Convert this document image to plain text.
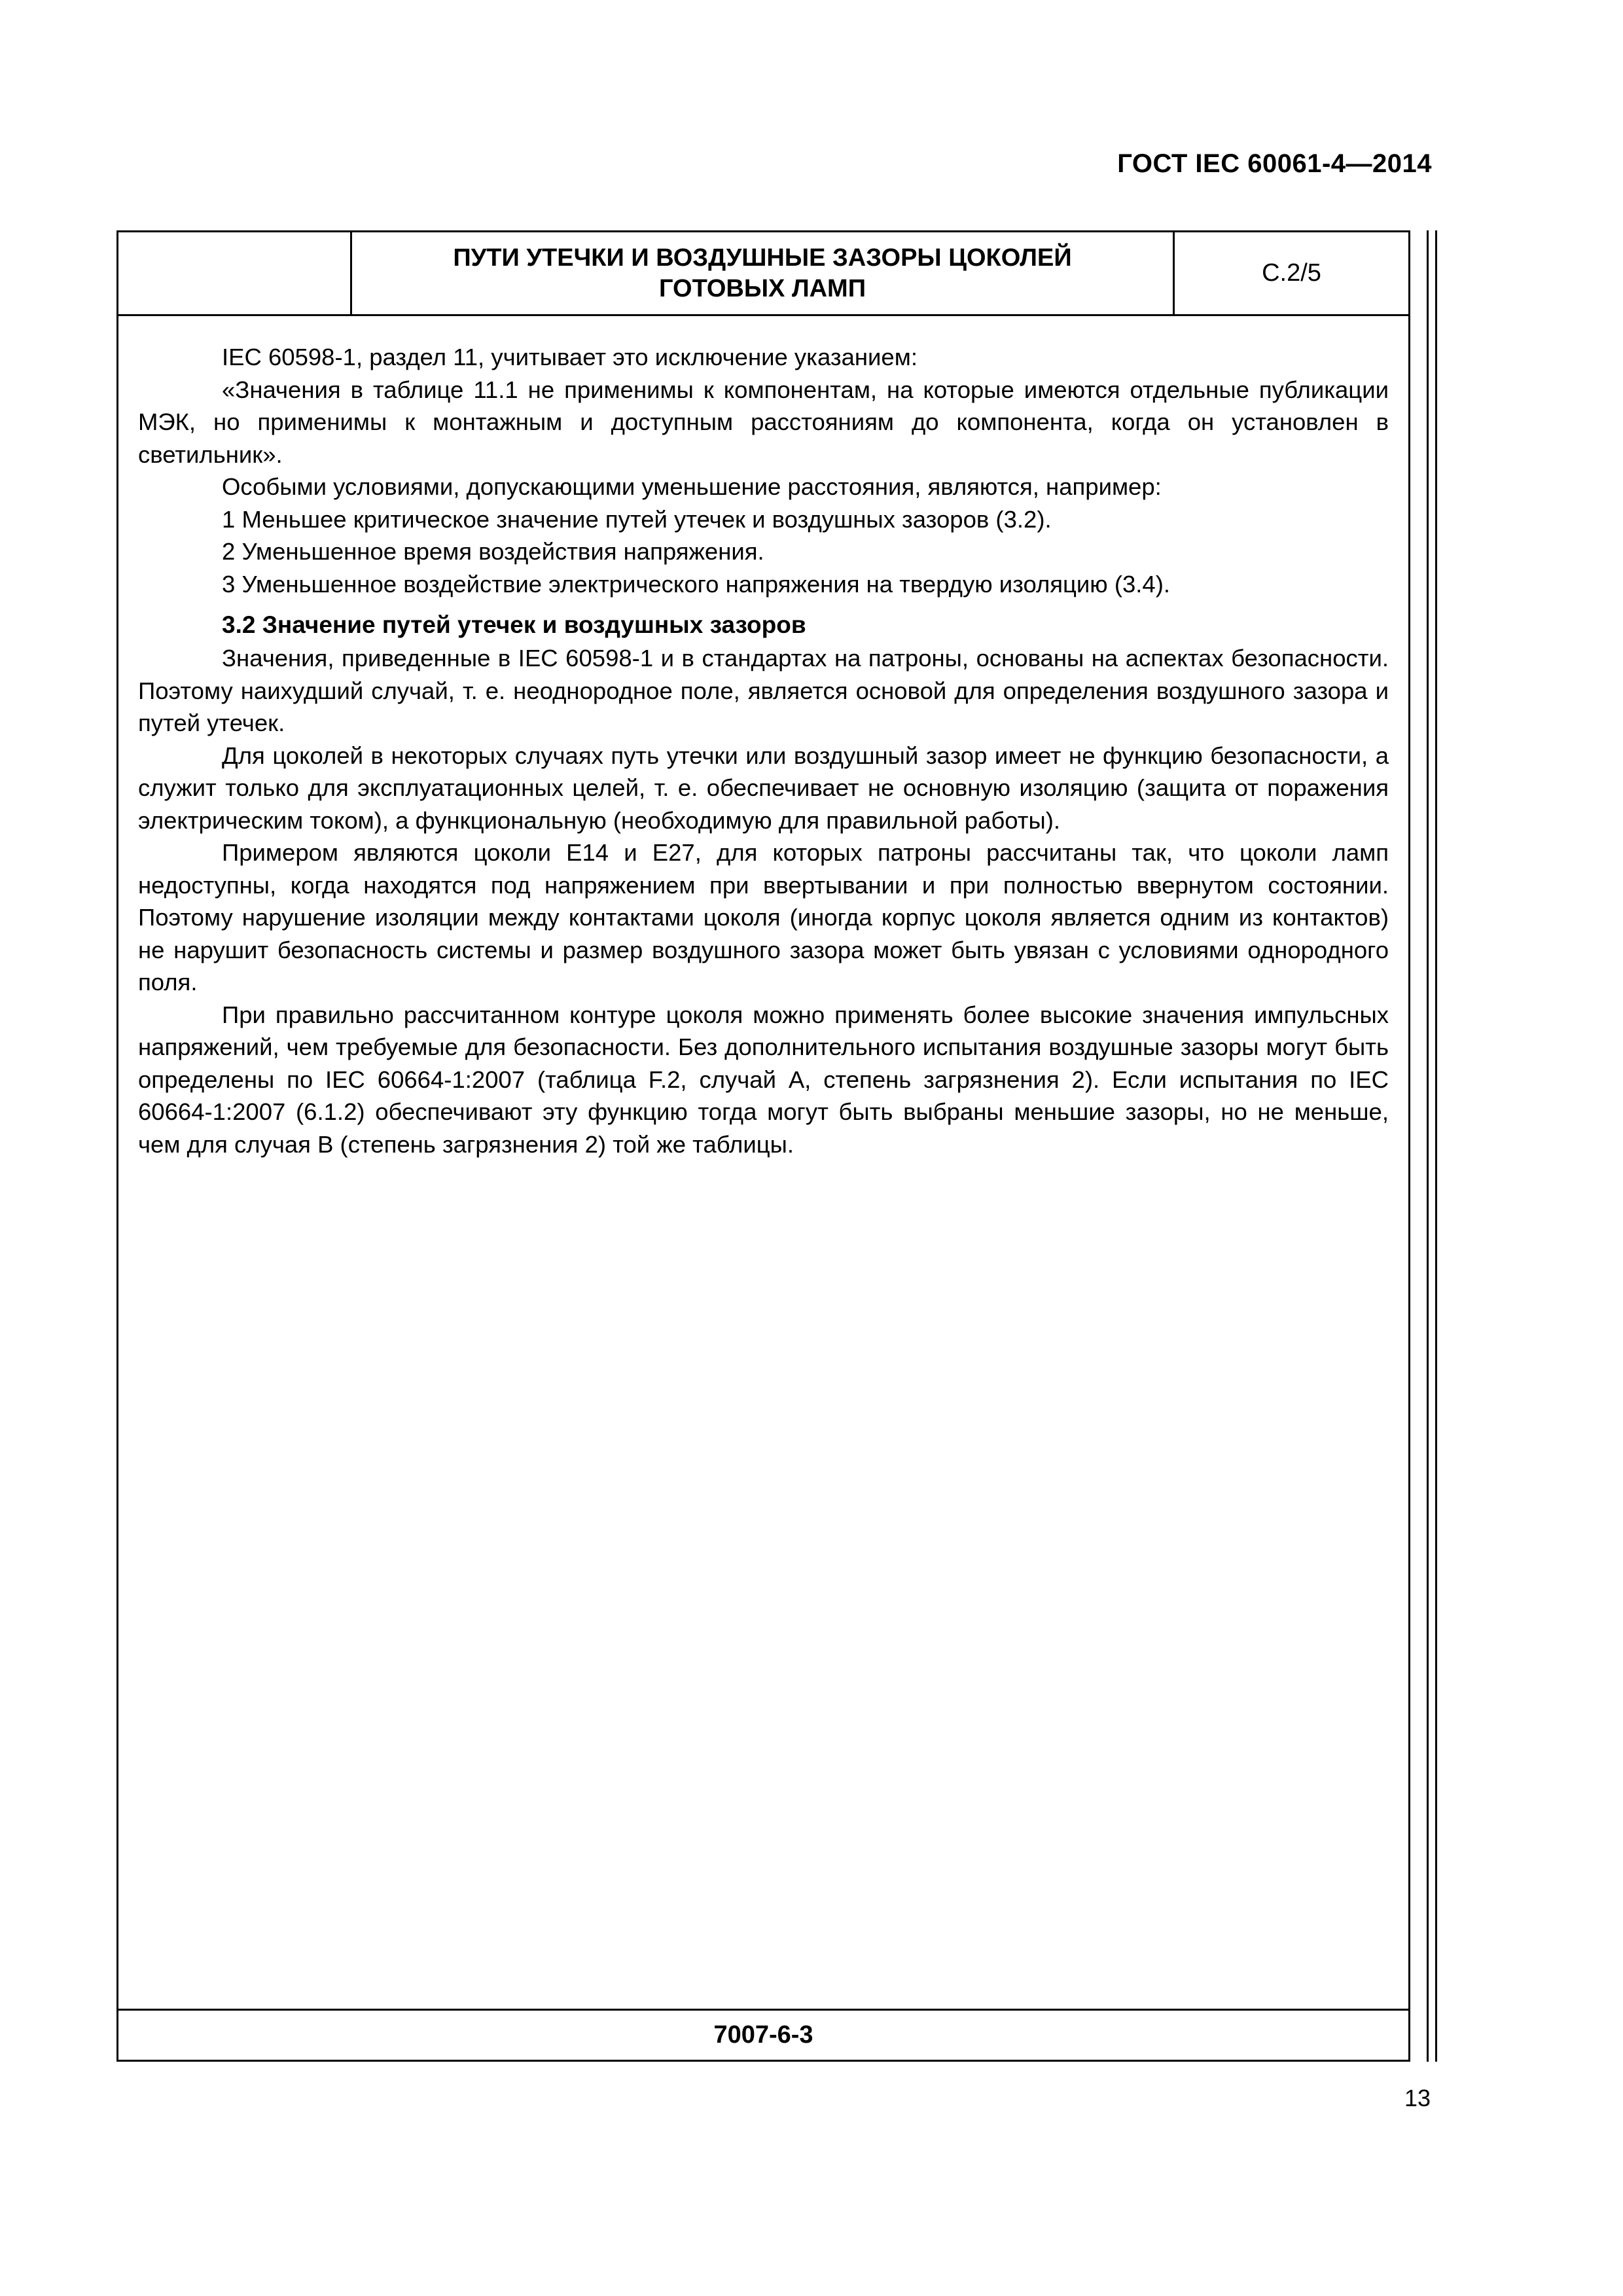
ГОСТ IEC 60061-4—2014
ПУТИ УТЕЧКИ И ВОЗДУШНЫЕ ЗАЗОРЫ ЦОКОЛЕЙ
ГОТОВЫХ ЛАМП
C.2/5

IEC 60598-1, раздел 11, учитывает это исключение указанием:

«Значения в таблице 11.1 не применимы к компонентам, на которые имеются отдельные публикации МЭК, но применимы к монтажным и доступным расстояниям до компонента, когда он установлен в светильник».

Особыми условиями, допускающими уменьшение расстояния, являются, например:

1 Меньшее критическое значение путей утечек и воздушных зазоров (3.2).

2 Уменьшенное время воздействия напряжения.

3 Уменьшенное воздействие электрического напряжения на твердую изоляцию (3.4).

3.2 Значение путей утечек и воздушных зазоров

Значения, приведенные в IEC 60598-1 и в стандартах на патроны, основаны на аспектах безопасности. Поэтому наихудший случай, т. е. неоднородное поле, является основой для определения воздушного зазора и путей утечек.

Для цоколей в некоторых случаях путь утечки или воздушный зазор имеет не функцию безопасности, а служит только для эксплуатационных целей, т. е. обеспечивает не основную изоляцию (защита от поражения электрическим током), а функциональную (необходимую для правильной работы).

Примером являются цоколи E14 и E27, для которых патроны рассчитаны так, что цоколи ламп недоступны, когда находятся под напряжением при ввертывании и при полностью ввернутом состоянии. Поэтому нарушение изоляции между контактами цоколя (иногда корпус цоколя является одним из контактов) не нарушит безопасность системы и размер воздушного зазора может быть увязан с условиями однородного поля.

При правильно рассчитанном контуре цоколя можно применять более высокие значения импульсных напряжений, чем требуемые для безопасности. Без дополнительного испытания воздушные зазоры могут быть определены по IEC 60664-1:2007 (таблица F.2, случай A, степень загрязнения 2). Если испытания по IEC 60664-1:2007 (6.1.2) обеспечивают эту функцию тогда могут быть выбраны меньшие зазоры, но не меньше, чем для случая B (степень загрязнения 2) той же таблицы.

7007-6-3
13
